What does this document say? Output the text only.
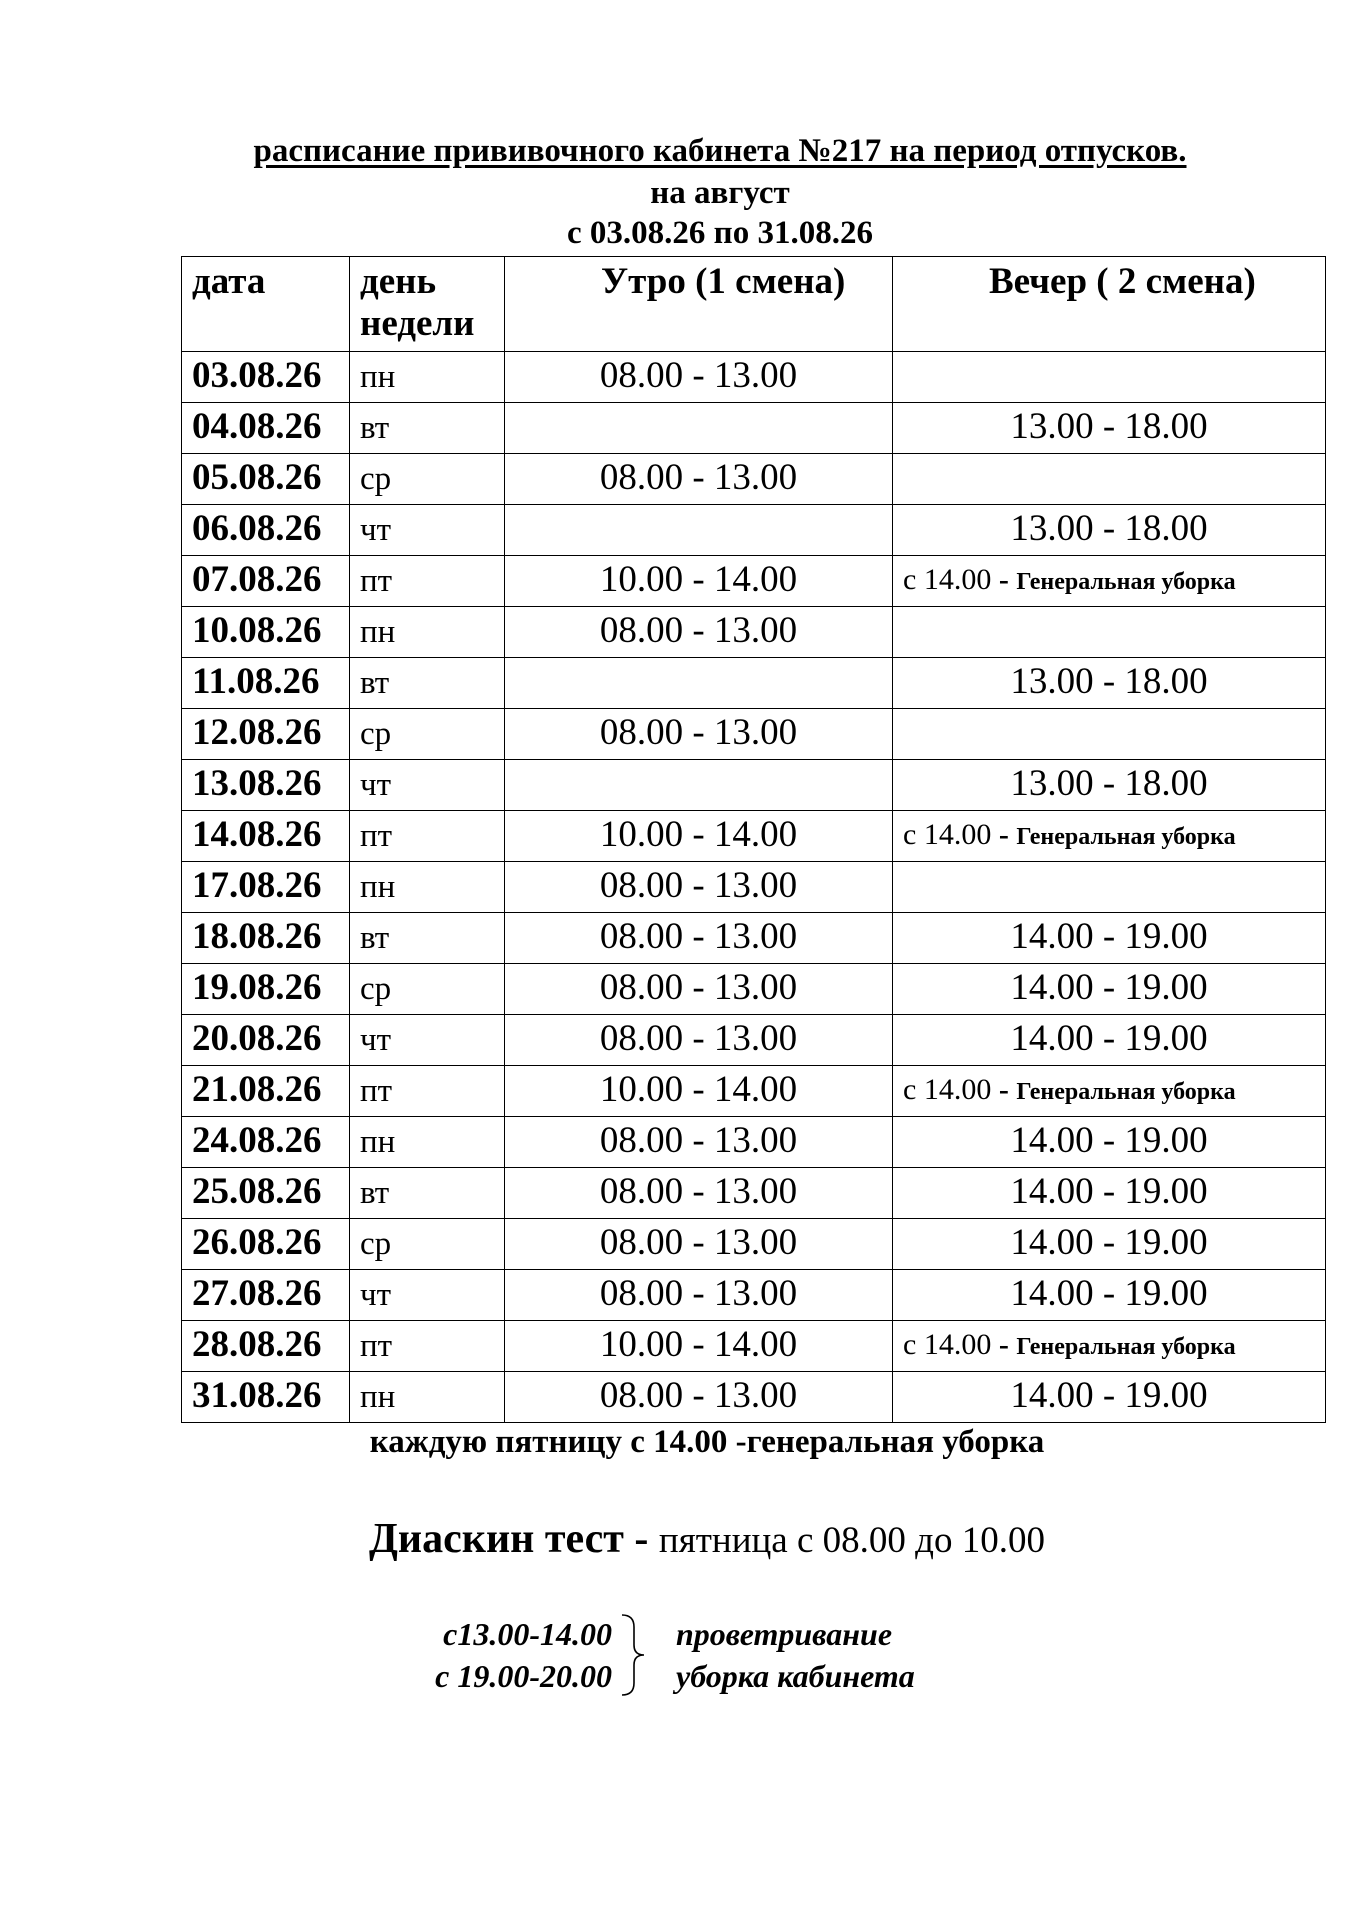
расписание прививочного кабинета №217 на период отпусков.
на август
с 03.08.26 по 31.08.26
дата	день
недели	Утро (1 смена)	Вечер ( 2 смена)

03.08.26	пн	08.00 - 13.00	
04.08.26	вт		13.00 - 18.00
05.08.26	ср	08.00 - 13.00	
06.08.26	чт		13.00 - 18.00
07.08.26	пт	10.00 - 14.00	с 14.00 - Генеральная уборка
10.08.26	пн	08.00 - 13.00	
11.08.26	вт		13.00 - 18.00
12.08.26	ср	08.00 - 13.00	
13.08.26	чт		13.00 - 18.00
14.08.26	пт	10.00 - 14.00	с 14.00 - Генеральная уборка
17.08.26	пн	08.00 - 13.00	
18.08.26	вт	08.00 - 13.00	14.00 - 19.00
19.08.26	ср	08.00 - 13.00	14.00 - 19.00
20.08.26	чт	08.00 - 13.00	14.00 - 19.00
21.08.26	пт	10.00 - 14.00	с 14.00 - Генеральная уборка
24.08.26	пн	08.00 - 13.00	14.00 - 19.00
25.08.26	вт	08.00 - 13.00	14.00 - 19.00
26.08.26	ср	08.00 - 13.00	14.00 - 19.00
27.08.26	чт	08.00 - 13.00	14.00 - 19.00
28.08.26	пт	10.00 - 14.00	с 14.00 - Генеральная уборка
31.08.26	пн	08.00 - 13.00	14.00 - 19.00
каждую пятницу с 14.00 -генеральная уборка
Диаскин тест - пятница с 08.00 до 10.00
с13.00-14.00
с 19.00-20.00
проветривание
уборка кабинета
